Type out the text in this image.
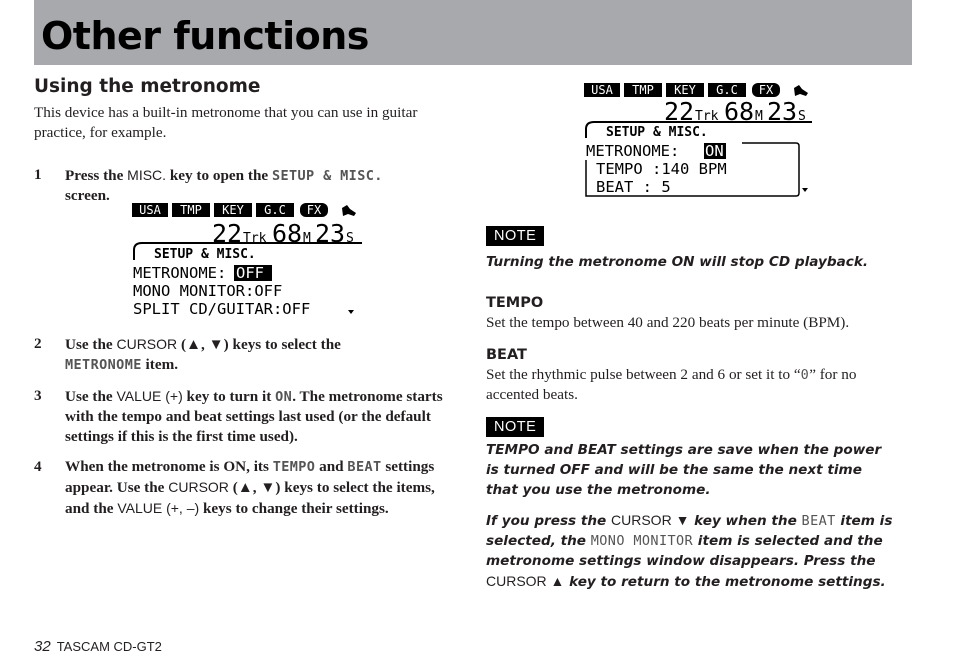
Other functions
Using the metronome

This device has a built-in metronome that you can use in guitar practice, for example.

1 Press the MISC. key to open the SETUP & MISC.
screen.
USA TMP KEY G.C FX
22 Trk 68 M 23 S
SETUP & MISC.
METRONOME: OFF
MONO MONITOR:OFF
SPLIT CD/GUITAR:OFF
2 Use the CURSOR (▲, ▼) keys to select the
METRONOME item.
3 Use the VALUE (+) key to turn it ON. The metronome starts with the tempo and beat settings last used (or the default settings if this is the first time used).
4 When the metronome is ON, its TEMPO and BEAT settings appear. Use the CURSOR (▲, ▼) keys to select the items, and the VALUE (+, –) keys to change their settings.
USA TMP KEY G.C FX
22 Trk 68 M 23 S
SETUP & MISC.
METRONOME: ON
TEMPO :140 BPM
BEAT : 5
NOTE

Turning the metronome ON will stop CD playback.

TEMPO

Set the tempo between 40 and 220 beats per minute (BPM).

BEAT

Set the rhythmic pulse between 2 and 6 or set it to “0” for no accented beats.

NOTE

TEMPO and BEAT settings are save when the power is turned OFF and will be the same the next time that you use the metronome.

If you press the CURSOR ▼ key when the BEAT item is selected, the MONO MONITOR item is selected and the metronome settings window disappears. Press the CURSOR ▲ key to return to the metronome settings.

32 TASCAM CD-GT2
